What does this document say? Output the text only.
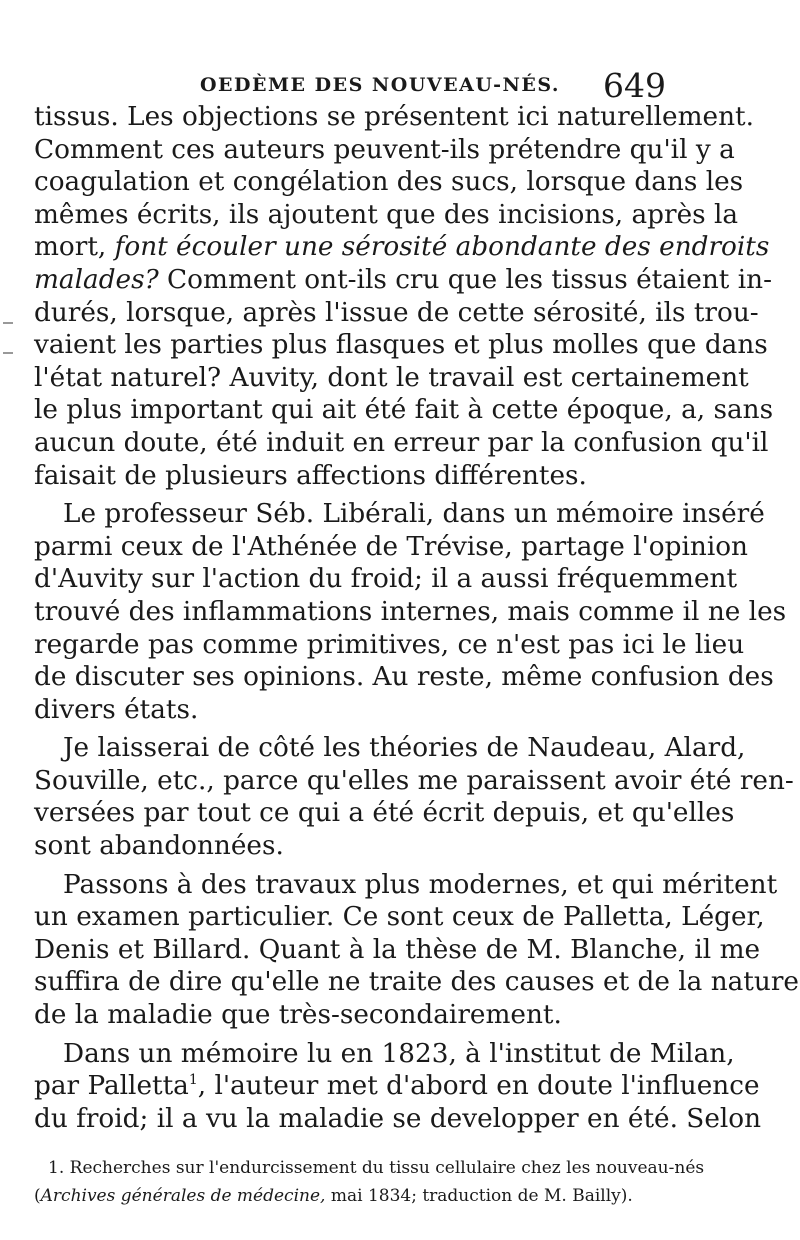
OEDÈME DES NOUVEAU-NÉS. 649

tissus. Les objections se présentent ici naturellement.
Comment ces auteurs peuvent-ils prétendre qu'il y a
coagulation et congélation des sucs, lorsque dans les
mêmes écrits, ils ajoutent que des incisions, après la
mort, font écouler une sérosité abondante des endroits
malades? Comment ont-ils cru que les tissus étaient in-
durés, lorsque, après l'issue de cette sérosité, ils trou-
vaient les parties plus flasques et plus molles que dans
l'état naturel? Auvity, dont le travail est certainement
le plus important qui ait été fait à cette époque, a, sans
aucun doute, été induit en erreur par la confusion qu'il
faisait de plusieurs affections différentes.

Le professeur Séb. Libérali, dans un mémoire inséré
parmi ceux de l'Athénée de Trévise, partage l'opinion
d'Auvity sur l'action du froid; il a aussi fréquemment
trouvé des inflammations internes, mais comme il ne les
regarde pas comme primitives, ce n'est pas ici le lieu
de discuter ses opinions. Au reste, même confusion des
divers états.

Je laisserai de côté les théories de Naudeau, Alard,
Souville, etc., parce qu'elles me paraissent avoir été ren-
versées par tout ce qui a été écrit depuis, et qu'elles
sont abandonnées.

Passons à des travaux plus modernes, et qui méritent
un examen particulier. Ce sont ceux de Palletta, Léger,
Denis et Billard. Quant à la thèse de M. Blanche, il me
suffira de dire qu'elle ne traite des causes et de la nature
de la maladie que très-secondairement.

Dans un mémoire lu en 1823, à l'institut de Milan,
par Palletta$^1$, l'auteur met d'abord en doute l'influence
du froid; il a vu la maladie se developper en été. Selon

1. Recherches sur l'endurcissement du tissu cellulaire chez les nouveau-nés
(Archives générales de médecine, mai 1834; traduction de M. Bailly).
